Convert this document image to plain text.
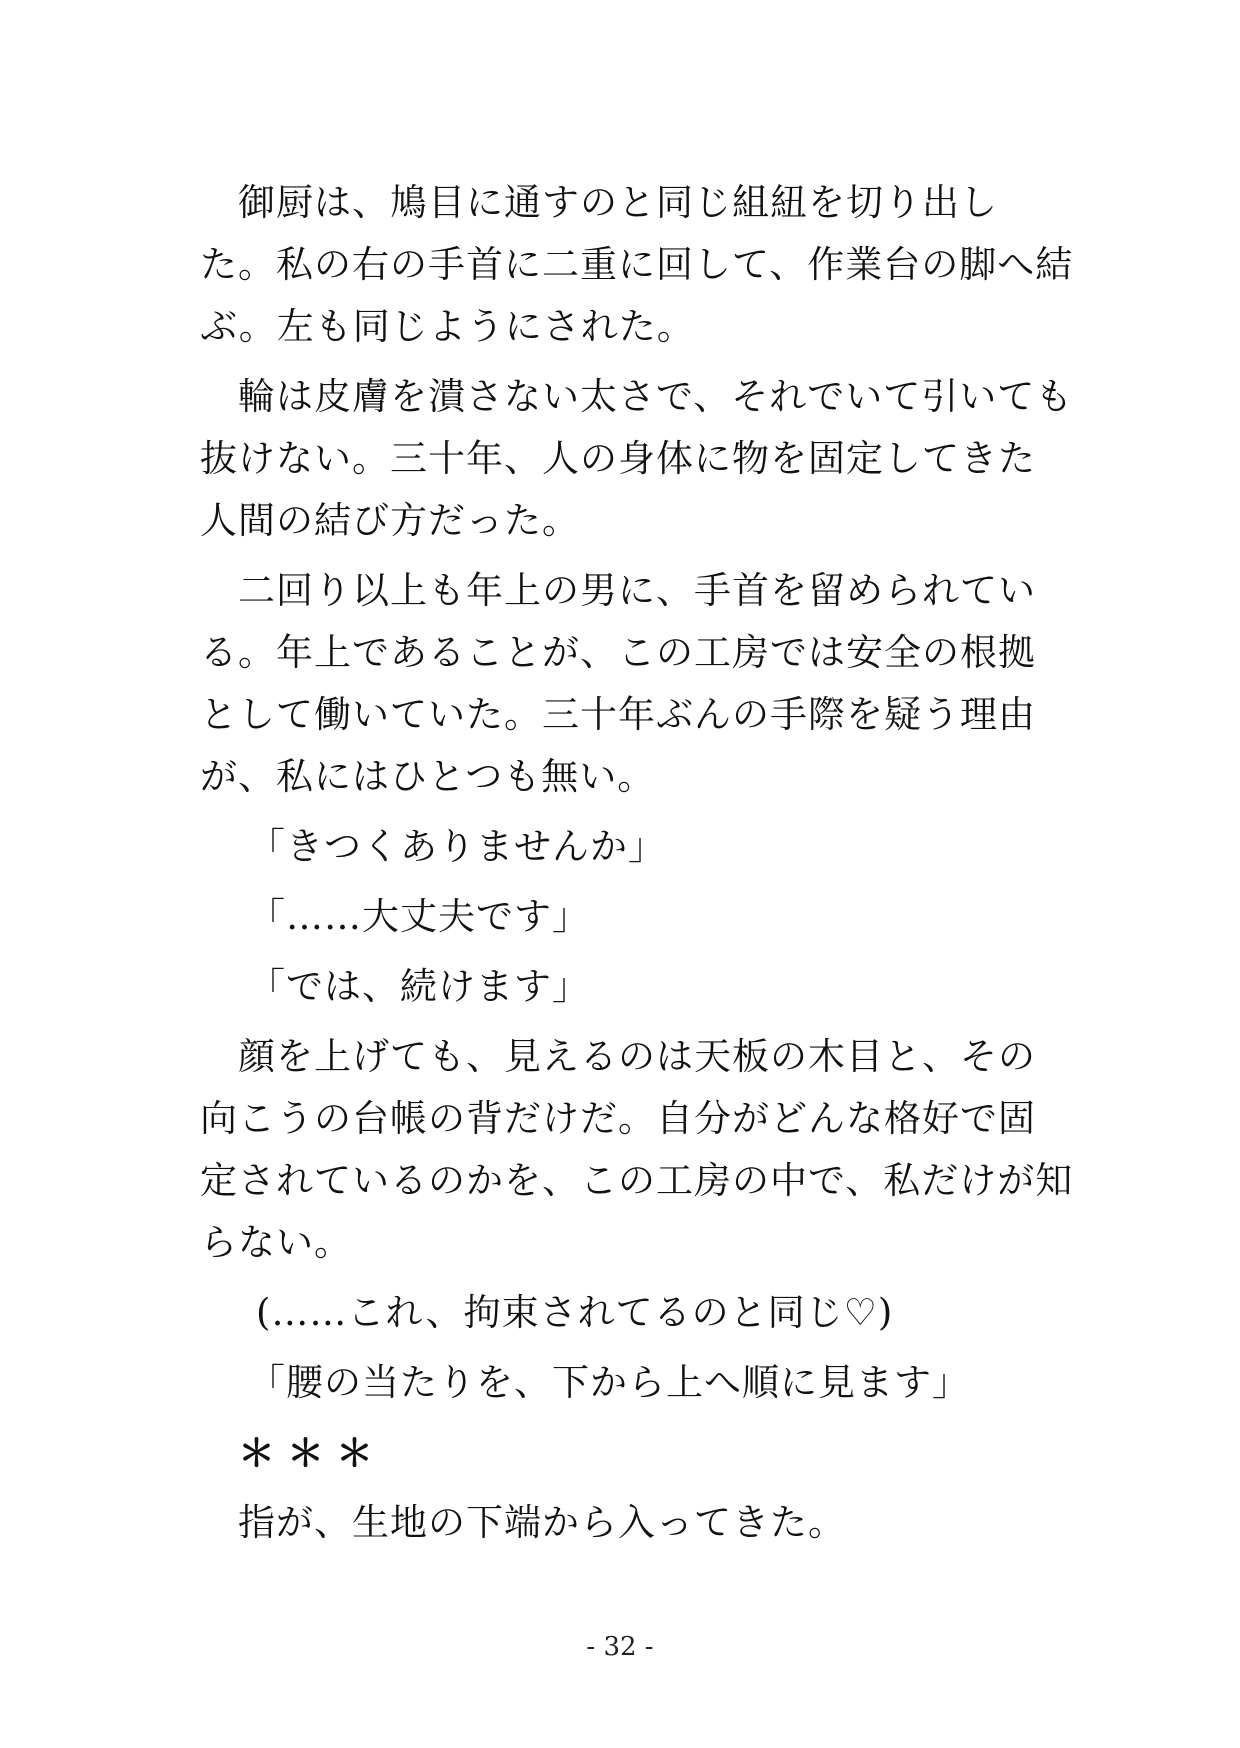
御厨は、鳩目に通すのと同じ組紐を切り出し
た。私の右の手首に二重に回して、作業台の脚へ結
ぶ。左も同じようにされた。
輪は皮膚を潰さない太さで、それでいて引いても
抜けない。三十年、人の身体に物を固定してきた
人間の結び方だった。
二回り以上も年上の男に、手首を留められてい
る。年上であることが、この工房では安全の根拠
として働いていた。三十年ぶんの手際を疑う理由
が、私にはひとつも無い。
「きつくありませんか」
「……大丈夫です」
「では、続けます」
顔を上げても、見えるのは天板の木目と、その
向こうの台帳の背だけだ。自分がどんな格好で固
定されているのかを、この工房の中で、私だけが知
らない。
(……これ、拘束されてるのと同じ♡)
「腰の当たりを、下から上へ順に見ます」
＊＊＊
指が、生地の下端から入ってきた。
- 32 -
